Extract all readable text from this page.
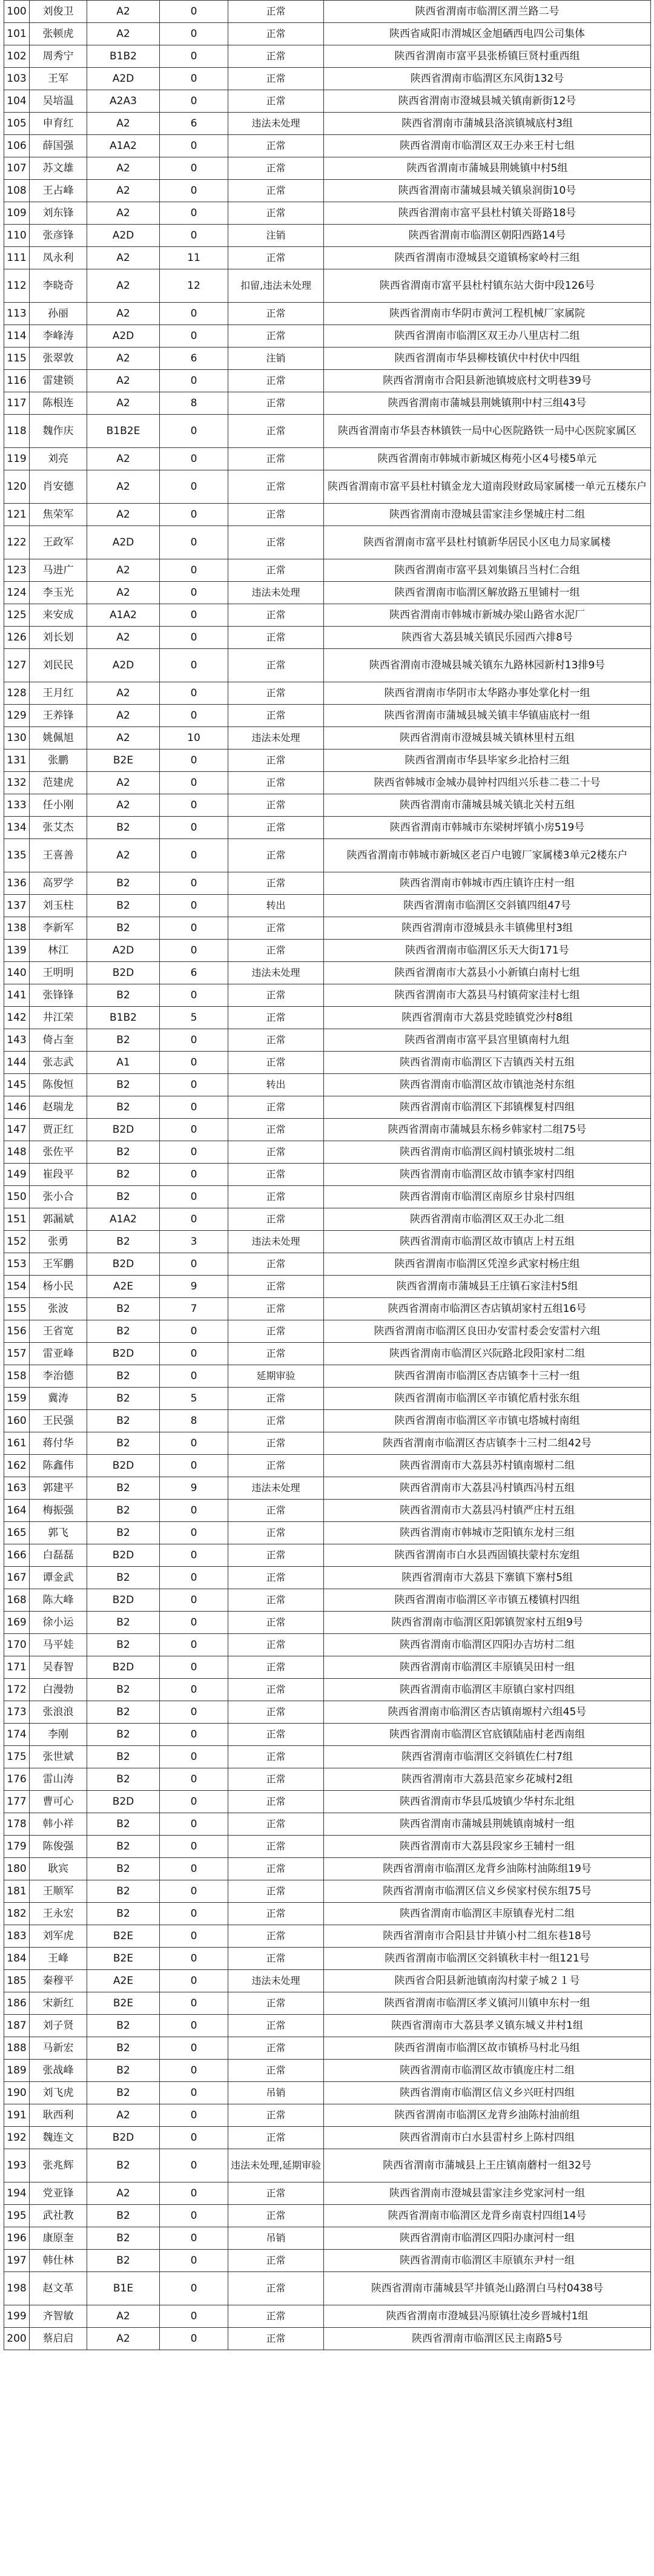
100	刘俊卫	A2	0	正常	陕西省渭南市临渭区渭兰路二号
101	张顿虎	A2	0	正常	陕西省咸阳市渭城区金旭硒西电四公司集体
102	周秀宁	B1B2	0	正常	陕西省渭南市富平县张桥镇巨贤村重西组
103	王军	A2D	0	正常	陕西省渭南市临渭区东风街132号
104	吴培温	A2A3	0	正常	陕西省渭南市澄城县城关镇南新街12号
105	申育红	A2	6	违法未处理	陕西省渭南市蒲城县洛滨镇城底村3组
106	薛国强	A1A2	0	正常	陕西省渭南市临渭区双王办来王村七组
107	苏文雄	A2	0	正常	陕西省渭南市蒲城县荆姚镇中村5组
108	王占峰	A2	0	正常	陕西省渭南市蒲城县城关镇泉润街10号
109	刘东锋	A2	0	正常	陕西省渭南市富平县杜村镇关哥路18号
110	张彦锋	A2D	0	注销	陕西省渭南市临渭区朝阳西路14号
111	凤永利	A2	11	正常	陕西省渭南市澄城县交道镇杨家岭村三组
112	李晓奇	A2	12	扣留,违法未处理	陕西省渭南市富平县杜村镇东站大街中段126号
113	孙丽	A2	0	正常	陕西省渭南市华阴市黄河工程机械厂家属院
114	李峰涛	A2D	0	正常	陕西省渭南市临渭区双王办八里店村二组
115	张翠敦	A2	6	注销	陕西省渭南市华县柳枝镇伏中村伏中四组
116	雷建锁	A2	0	正常	陕西省渭南市合阳县新池镇坡底村文明巷39号
117	陈根连	A2	8	正常	陕西省渭南市蒲城县荆姚镇荆中村三组43号
118	魏作庆	B1B2E	0	正常	陕西省渭南市华县杏林镇铁一局中心医院路铁一局中心医院家属区
119	刘亮	A2	0	正常	陕西省渭南市韩城市新城区梅苑小区4号楼5单元
120	肖安德	A2	0	正常	陕西省渭南市富平县杜村镇金龙大道南段财政局家属楼一单元五楼东户
121	焦荣军	A2	0	正常	陕西省渭南市澄城县雷家洼乡堡城庄村二组
122	王政军	A2D	0	正常	陕西省渭南市富平县杜村镇新华居民小区电力局家属楼
123	马进广	A2	0	正常	陕西省渭南市富平县刘集镇吕当村仁合组
124	李玉光	A2	0	违法未处理	陕西省渭南市临渭区解放路五里铺村一组
125	来安成	A1A2	0	正常	陕西省渭南市韩城市新城办梁山路省水泥厂
126	刘长划	A2	0	正常	陕西省大荔县城关镇民乐园西六排8号
127	刘民民	A2D	0	正常	陕西省渭南市澄城县城关镇东九路林园新村13排9号
128	王月红	A2	0	正常	陕西省渭南市华阴市太华路办事处掌化村一组
129	王养锋	A2	0	正常	陕西省渭南市蒲城县城关镇丰华镇庙底村一组
130	姚佩旭	A2	10	违法未处理	陕西省渭南市澄城县城关镇林里村五组
131	张鹏	B2E	0	正常	陕西省渭南市华县毕家乡北拾村三组
132	范建虎	A2	0	正常	陕西省韩城市金城办晨钟村四组兴乐巷二巷二十号
133	任小刚	A2	0	正常	陕西省渭南市蒲城县城关镇北关村五组
134	张艾杰	B2	0	正常	陕西省渭南市韩城市东梁树坪镇小房519号
135	王喜善	A2	0	正常	陕西省渭南市韩城市新城区老百户电镀厂家属楼3单元2楼东户
136	高罗学	B2	0	正常	陕西省渭南市韩城市西庄镇许庄村一组
137	刘玉柱	B2	0	转出	陕西省渭南市临渭区交斜镇四组47号
138	李新军	B2	0	正常	陕西省渭南市澄城县永丰镇佛里村3组
139	林江	A2D	0	正常	陕西省渭南市临渭区乐天大街171号
140	王明明	B2D	6	违法未处理	陕西省渭南市大荔县小小新镇白南村七组
141	张锋锋	B2	0	正常	陕西省渭南市大荔县马村镇荷家洼村七组
142	井江荣	B1B2	5	正常	陕西省渭南市大荔县党睦镇党沙村8组
143	倚占奎	B2	0	正常	陕西省渭南市富平县宫里镇南村九组
144	张志武	A1	0	正常	陕西省渭南市临渭区下吉镇西关村五组
145	陈俊恒	B2	0	转出	陕西省渭南市临渭区故市镇池尧村东组
146	赵瑞龙	B2	0	正常	陕西省渭南市临渭区下邽镇棵复村四组
147	贾正红	B2D	0	正常	陕西省渭南市蒲城县东杨乡韩家村二组75号
148	张佐平	B2	0	正常	陕西省渭南市临渭区阎村镇张坡村二组
149	崔段平	B2	0	正常	陕西省渭南市临渭区故市镇李家村四组
150	张小合	B2	0	正常	陕西省渭南市临渭区南原乡甘泉村四组
151	郭漏斌	A1A2	0	正常	陕西省渭南市临渭区双王办北二组
152	张勇	B2	3	违法未处理	陕西省渭南市临渭区故市镇店上村五组
153	王军鹏	B2D	0	正常	陕西省渭南市临渭区凭湟乡武家村杨庄组
154	杨小民	A2E	9	正常	陕西省渭南市蒲城县王庄镇石家洼村5组
155	张波	B2	7	正常	陕西省渭南市临渭区杏店镇胡家村五组16号
156	王省宽	B2	0	正常	陕西省渭南市临渭区良田办安雷村委会安雷村六组
157	雷亚峰	B2D	0	正常	陕西省渭南市临渭区兴阮路北段阳家村二组
158	李治德	B2	0	延期审验	陕西省渭南市临渭区杏店镇李十三村一组
159	冀涛	B2	5	正常	陕西省渭南市临渭区辛市镇佗盾村张东组
160	王民强	B2	8	正常	陕西省渭南市临渭区辛市镇屯塔城村南组
161	蒋付华	B2	0	正常	陕西省渭南市临渭区杏店镇李十三村二组42号
162	陈鑫伟	B2D	0	正常	陕西省渭南市大荔县苏村镇南塬村二组
163	郭建平	B2	9	违法未处理	陕西省渭南市大荔县冯村镇西冯村五组
164	梅振强	B2	0	正常	陕西省渭南市大荔县冯村镇严庄村五组
165	郭飞	B2	0	正常	陕西省渭南市韩城市芝阳镇东龙村三组
166	白磊磊	B2D	0	正常	陕西省渭南市白水县西固镇扶蒙村东宠组
167	谭金武	B2	0	正常	陕西省渭南市大荔县下寨镇下寨村5组
168	陈大峰	B2D	0	正常	陕西省渭南市临渭区辛市镇五楼镇村四组
169	徐小运	B2	0	正常	陕西省渭南市临渭区阳郭镇贺家村五组9号
170	马平娃	B2	0	正常	陕西省渭南市临渭区四阳办吉坊村二组
171	吴春智	B2D	0	正常	陕西省渭南市临渭区丰原镇吴田村一组
172	白漫勃	B2	0	正常	陕西省渭南市临渭区丰原镇白家村四组
173	张浪浪	B2	0	正常	陕西省渭南市临渭区杏店镇南塬村六组45号
174	李刚	B2	0	正常	陕西省渭南市临渭区官底镇陆庙村老西南组
175	张世斌	B2	0	正常	陕西省渭南市临渭区交斜镇佐仁村7组
176	雷山涛	B2	0	正常	陕西省渭南市大荔县范家乡花城村2组
177	曹可心	B2D	0	正常	陕西省渭南市华县瓜坡镇少华村东北组
178	韩小祥	B2	0	正常	陕西省渭南市蒲城县荆姚镇南城村一组
179	陈俊强	B2	0	正常	陕西省渭南市大荔县段家乡王辅村一组
180	耿宾	B2	0	正常	陕西省渭南市临渭区龙背乡油陈村油陈组19号
181	王顺军	B2	0	正常	陕西省渭南市临渭区信义乡侯家村侯东组75号
182	王永宏	B2	0	正常	陕西省渭南市临渭区丰原镇春光村二组
183	刘军虎	B2E	0	正常	陕西省渭南市合阳县甘井镇小村二组东巷18号
184	王峰	B2E	0	正常	陕西省渭南市临渭区交斜镇秋丰村一组121号
185	秦穆平	A2E	0	违法未处理	陕西省合阳县新池镇南沟村蒙子城２１号
186	宋新红	B2E	0	正常	陕西省渭南市临渭区孝义镇河川镇申东村一组
187	刘子贤	B2	0	正常	陕西省渭南市大荔县孝义镇东城义井村1组
188	马新宏	B2	0	正常	陕西省渭南市临渭区故市镇桥马村北马组
189	张战峰	B2	0	正常	陕西省渭南市临渭区故市镇庞庄村二组
190	刘飞虎	B2	0	吊销	陕西省渭南市临渭区信义乡兴旺村四组
191	耿西利	A2	0	正常	陕西省渭南市临渭区龙背乡油陈村油前组
192	魏连文	B2D	0	正常	陕西省渭南市白水县雷村乡上陈村四组
193	张兆辉	B2	0	违法未处理,延期审验	陕西省渭南市蒲城县上王庄镇南蘑村一组32号
194	党亚锋	A2	0	正常	陕西省渭南市澄城县雷家洼乡党家河村一组
195	武社教	B2	0	正常	陕西省渭南市临渭区龙背乡南袁村四组14号
196	康原奎	B2	0	吊销	陕西省渭南市临渭区四阳办康河村一组
197	韩仕林	B2	0	正常	陕西省渭南市临渭区丰原镇东尹村一组
198	赵文革	B1E	0	正常	陕西省渭南市蒲城县罕井镇尧山路渭白马村0438号
199	齐智敏	A2	0	正常	陕西省渭南市澄城县冯原镇壮凌乡晋城村1组
200	蔡启启	A2	0	正常	陕西省渭南市临渭区民主南路5号
